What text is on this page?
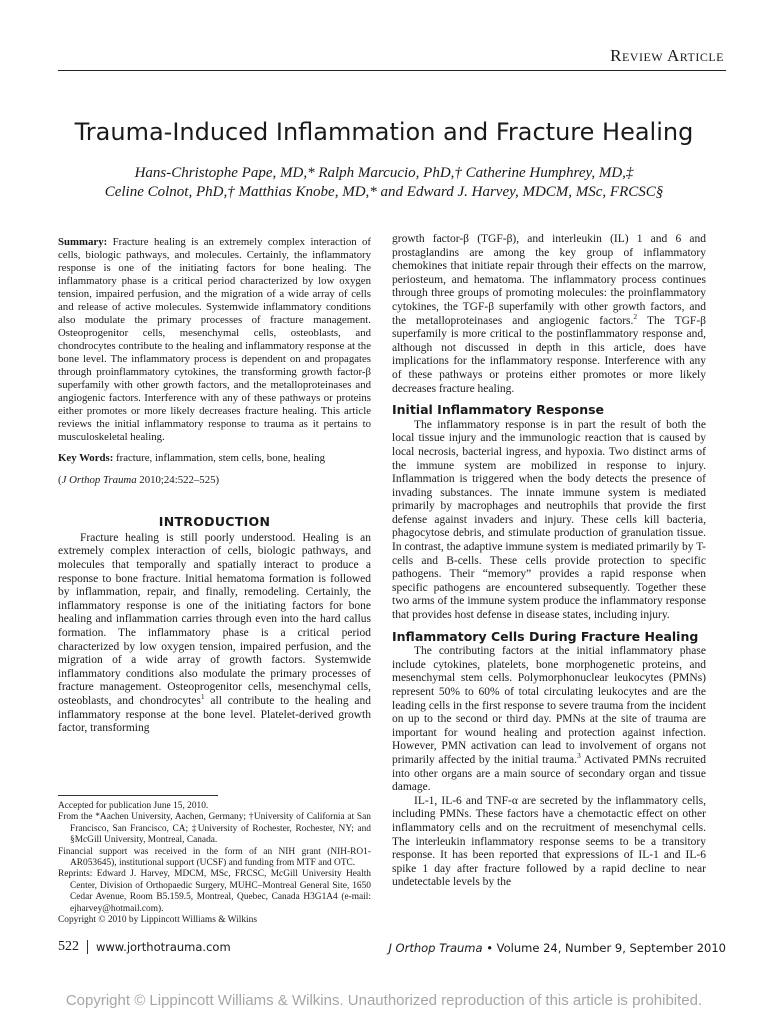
Review Article
Trauma-Induced Inflammation and Fracture Healing
Hans-Christophe Pape, MD,* Ralph Marcucio, PhD,† Catherine Humphrey, MD,‡
Celine Colnot, PhD,† Matthias Knobe, MD,* and Edward J. Harvey, MDCM, MSc, FRCSC§

Summary: Fracture healing is an extremely complex interaction of cells, biologic pathways, and molecules. Certainly, the inflammatory response is one of the initiating factors for bone healing. The inflammatory phase is a critical period characterized by low oxygen tension, impaired perfusion, and the migration of a wide array of cells and release of active molecules. Systemwide inflammatory conditions also modulate the primary processes of fracture management. Osteoprogenitor cells, mesenchymal cells, osteoblasts, and chondrocytes contribute to the healing and inflammatory response at the bone level. The inflammatory process is dependent on and propagates through proinflammatory cytokines, the transforming growth factor-β superfamily with other growth factors, and the metalloproteinases and angiogenic factors. Interference with any of these pathways or proteins either promotes or more likely decreases fracture healing. This article reviews the initial inflammatory response to trauma as it pertains to musculoskeletal healing.

Key Words: fracture, inflammation, stem cells, bone, healing

(J Orthop Trauma 2010;24:522–525)

INTRODUCTION

Fracture healing is still poorly understood. Healing is an extremely complex interaction of cells, biologic pathways, and molecules that temporally and spatially interact to produce a response to bone fracture. Initial hematoma formation is followed by inflammation, repair, and finally, remodeling. Certainly, the inflammatory response is one of the initiating factors for bone healing and inflammation carries through even into the hard callus formation. The inflammatory phase is a critical period characterized by low oxygen tension, impaired perfusion, and the migration of a wide array of growth factors. Systemwide inflammatory conditions also modulate the primary processes of fracture management. Osteoprogenitor cells, mesenchymal cells, osteoblasts, and chondrocytes$^1$ all contribute to the healing and inflammatory response at the bone level. Platelet-derived growth factor, transforming

growth factor-β (TGF-β), and interleukin (IL) 1 and 6 and prostaglandins are among the key group of inflammatory chemokines that initiate repair through their effects on the marrow, periosteum, and hematoma. The inflammatory process continues through three groups of promoting molecules: the proinflammatory cytokines, the TGF-β superfamily with other growth factors, and the metalloproteinases and angiogenic factors.$^2$ The TGF-β superfamily is more critical to the postinflammatory response and, although not discussed in depth in this article, does have implications for the inflammatory response. Interference with any of these pathways or proteins either promotes or more likely decreases fracture healing.

Initial Inflammatory Response

The inflammatory response is in part the result of both the local tissue injury and the immunologic reaction that is caused by local necrosis, bacterial ingress, and hypoxia. Two distinct arms of the immune system are mobilized in response to injury. Inflammation is triggered when the body detects the presence of invading substances. The innate immune system is mediated primarily by macrophages and neutrophils that provide the first defense against invaders and injury. These cells kill bacteria, phagocytose debris, and stimulate production of granulation tissue. In contrast, the adaptive immune system is mediated primarily by T-cells and B-cells. These cells provide protection to specific pathogens. Their “memory” provides a rapid response when specific pathogens are encountered subsequently. Together these two arms of the immune system produce the inflammatory response that provides host defense in disease states, including injury.

Inflammatory Cells During Fracture Healing

The contributing factors at the initial inflammatory phase include cytokines, platelets, bone morphogenetic proteins, and mesenchymal stem cells. Polymorphonuclear leukocytes (PMNs) represent 50% to 60% of total circulating leukocytes and are the leading cells in the first response to severe trauma from the incident on up to the second or third day. PMNs at the site of trauma are important for wound healing and protection against infection. However, PMN activation can lead to involvement of organs not primarily affected by the initial trauma.$^3$ Activated PMNs recruited into other organs are a main source of secondary organ and tissue damage.

IL-1, IL-6 and TNF-α are secreted by the inflammatory cells, including PMNs. These factors have a chemotactic effect on other inflammatory cells and on the recruitment of mesenchymal cells. The interleukin inflammatory response seems to be a transitory response. It has been reported that expressions of IL-1 and IL-6 spike 1 day after fracture followed by a rapid decline to near undetectable levels by the

Accepted for publication June 15, 2010.

From the *Aachen University, Aachen, Germany; †University of California at San Francisco, San Francisco, CA; ‡University of Rochester, Rochester, NY; and §McGill University, Montreal, Canada.

Financial support was received in the form of an NIH grant (NIH-RO1-AR053645), institutional support (UCSF) and funding from MTF and OTC.

Reprints: Edward J. Harvey, MDCM, MSc, FRCSC, McGill University Health Center, Division of Orthopaedic Surgery, MUHC–Montreal General Site, 1650 Cedar Avenue, Room B5.159.5, Montreal, Quebec, Canada H3G1A4 (e-mail: ejharvey@hotmail.com).

Copyright © 2010 by Lippincott Williams & Wilkins

522 www.jorthotrauma.com	J Orthop Trauma • Volume 24, Number 9, September 2010
Copyright © Lippincott Williams & Wilkins. Unauthorized reproduction of this article is prohibited.
